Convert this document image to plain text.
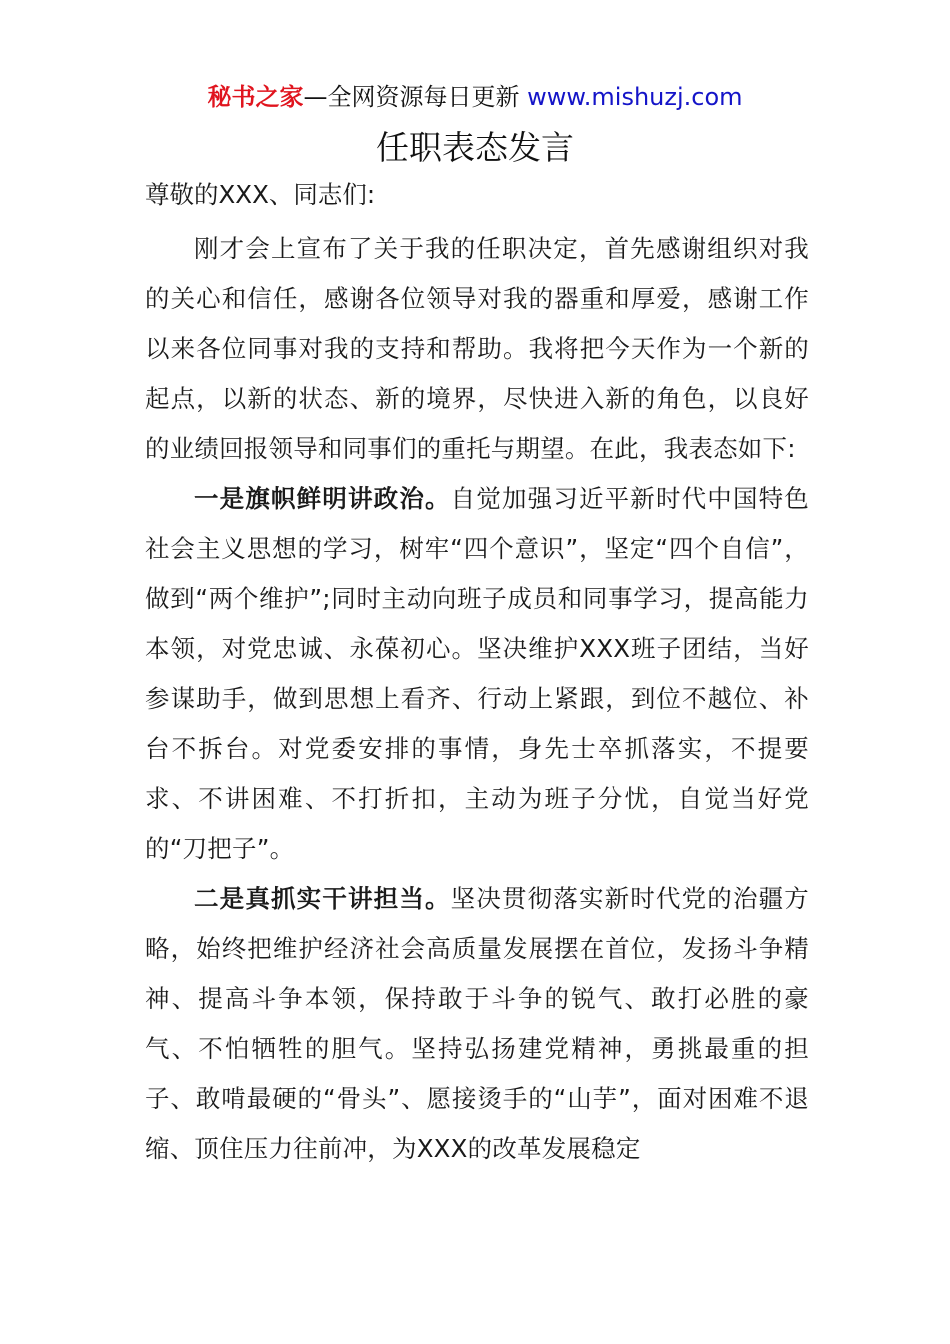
秘书之家—全网资源每日更新 www.mishuzj.com
任职表态发言
尊敬的XXX、同志们:

刚才会上宣布了关于我的任职决定，首先感谢组织对我的关心和信任，感谢各位领导对我的器重和厚爱，感谢工作以来各位同事对我的支持和帮助。我将把今天作为一个新的起点，以新的状态、新的境界，尽快进入新的角色，以良好的业绩回报领导和同事们的重托与期望。在此，我表态如下:

一是旗帜鲜明讲政治。自觉加强习近平新时代中国特色社会主义思想的学习，树牢“四个意识”，坚定“四个自信”，做到“两个维护”;同时主动向班子成员和同事学习，提高能力本领，对党忠诚、永葆初心。坚决维护XXX班子团结，当好参谋助手，做到思想上看齐、行动上紧跟，到位不越位、补台不拆台。对党委安排的事情，身先士卒抓落实，不提要求、不讲困难、不打折扣，主动为班子分忧，自觉当好党的“刀把子”。

二是真抓实干讲担当。坚决贯彻落实新时代党的治疆方略，始终把维护经济社会高质量发展摆在首位，发扬斗争精神、提高斗争本领，保持敢于斗争的锐气、敢打必胜的豪气、不怕牺牲的胆气。坚持弘扬建党精神，勇挑最重的担子、敢啃最硬的“骨头”、愿接烫手的“山芋”，面对困难不退缩、顶住压力往前冲，为XXX的改革发展稳定
